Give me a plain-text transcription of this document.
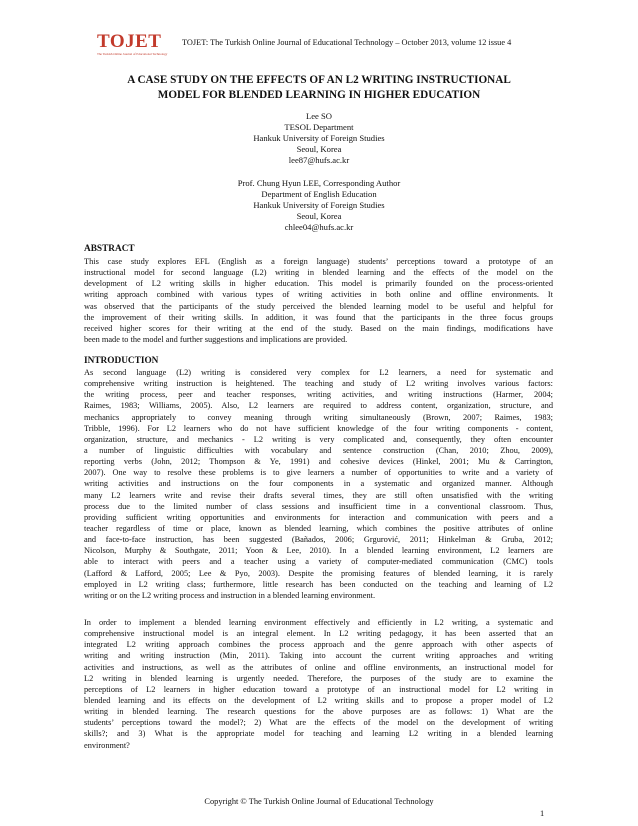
TOJET
The Turkish Online Journal of Educational Technology
TOJET: The Turkish Online Journal of Educational Technology – October 2013, volume 12 issue 4
A CASE STUDY ON THE EFFECTS OF AN L2 WRITING INSTRUCTIONAL
MODEL FOR BLENDED LEARNING IN HIGHER EDUCATION
Lee SO
TESOL Department
Hankuk University of Foreign Studies
Seoul, Korea
lee87@hufs.ac.kr
Prof. Chung Hyun LEE, Corresponding Author
Department of English Education
Hankuk University of Foreign Studies
Seoul, Korea
chlee04@hufs.ac.kr
ABSTRACT
This case study explores EFL (English as a foreign language) students’ perceptions toward a prototype of an
instructional model for second language (L2) writing in blended learning and the effects of the model on the
development of L2 writing skills in higher education. This model is primarily founded on the process-oriented
writing approach combined with various types of writing activities in both online and offline environments. It
was observed that the participants of the study perceived the blended learning model to be useful and helpful for
the improvement of their writing skills. In addition, it was found that the participants in the three focus groups
received higher scores for their writing at the end of the study. Based on the main findings, modifications have
been made to the model and further suggestions and implications are provided.
INTRODUCTION
As second language (L2) writing is considered very complex for L2 learners, a need for systematic and
comprehensive writing instruction is heightened. The teaching and study of L2 writing involves various factors:
the writing process, peer and teacher responses, writing activities, and writing instructions (Harmer, 2004;
Raimes, 1983; Williams, 2005). Also, L2 learners are required to address content, organization, structure, and
mechanics appropriately to convey meaning through writing simultaneously (Brown, 2007; Raimes, 1983;
Tribble, 1996). For L2 learners who do not have sufficient knowledge of the four writing components - content,
organization, structure, and mechanics - L2 writing is very complicated and, consequently, they often encounter
a number of linguistic difficulties with vocabulary and sentence construction (Chan, 2010; Zhou, 2009),
reporting verbs (John, 2012; Thompson & Ye, 1991) and cohesive devices (Hinkel, 2001; Mu & Carrington,
2007). One way to resolve these problems is to give learners a number of opportunities to write and a variety of
writing activities and instructions on the four components in a systematic and organized manner. Although
many L2 learners write and revise their drafts several times, they are still often unsatisfied with the writing
process due to the limited number of class sessions and insufficient time in a conventional classroom. Thus,
providing sufficient writing opportunities and environments for interaction and communication with peers and a
teacher regardless of time or place, known as blended learning, which combines the positive attributes of online
and face-to-face instruction, has been suggested (Bañados, 2006; Grgurović, 2011; Hinkelman & Gruba, 2012;
Nicolson, Murphy & Southgate, 2011; Yoon & Lee, 2010). In a blended learning environment, L2 learners are
able to interact with peers and a teacher using a variety of computer-mediated communication (CMC) tools
(Lafford & Lafford, 2005; Lee & Pyo, 2003). Despite the promising features of blended learning, it is rarely
employed in L2 writing class; furthermore, little research has been conducted on the teaching and learning of L2
writing or on the L2 writing process and instruction in a blended learning environment.
In order to implement a blended learning environment effectively and efficiently in L2 writing, a systematic and
comprehensive instructional model is an integral element. In L2 writing pedagogy, it has been asserted that an
integrated L2 writing approach combines the process approach and the genre approach with other aspects of
writing and writing instruction (Min, 2011). Taking into account the current writing approaches and writing
activities and instructions, as well as the attributes of online and offline environments, an instructional model for
L2 writing in blended learning is urgently needed. Therefore, the purposes of the study are to examine the
perceptions of L2 learners in higher education toward a prototype of an instructional model for L2 writing in
blended learning and its effects on the development of L2 writing skills and to propose a proper model of L2
writing in blended learning. The research questions for the above purposes are as follows: 1) What are the
students’ perceptions toward the model?; 2) What are the effects of the model on the development of writing
skills?; and 3) What is the appropriate model for teaching and learning L2 writing in a blended learning
environment?
Copyright © The Turkish Online Journal of Educational Technology
1
